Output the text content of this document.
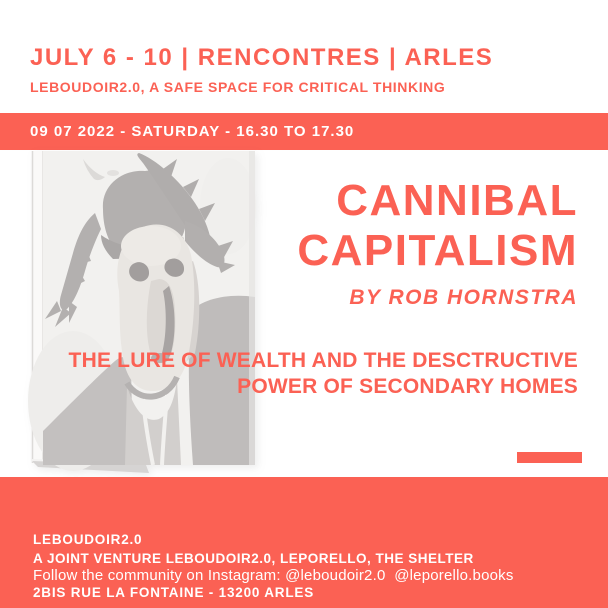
JULY 6 - 10 | RENCONTRES | ARLES
LEBOUDOIR2.0, A SAFE SPACE FOR CRITICAL THINKING
09 07 2022 - SATURDAY - 16.30 TO 17.30
CANNIBAL
CAPITALISM
BY ROB HORNSTRA
THE LURE OF WEALTH AND THE DESCTRUCTIVE
POWER OF SECONDARY HOMES

LEBOUDOIR2.0

2BIS RUE LA FONTAINE - 13200 ARLES

A JOINT VENTURE LEBOUDOIR2.0, LEPORELLO, THE SHELTER
Follow the community on Instagram: @leboudoir2.0  @leporello.books
